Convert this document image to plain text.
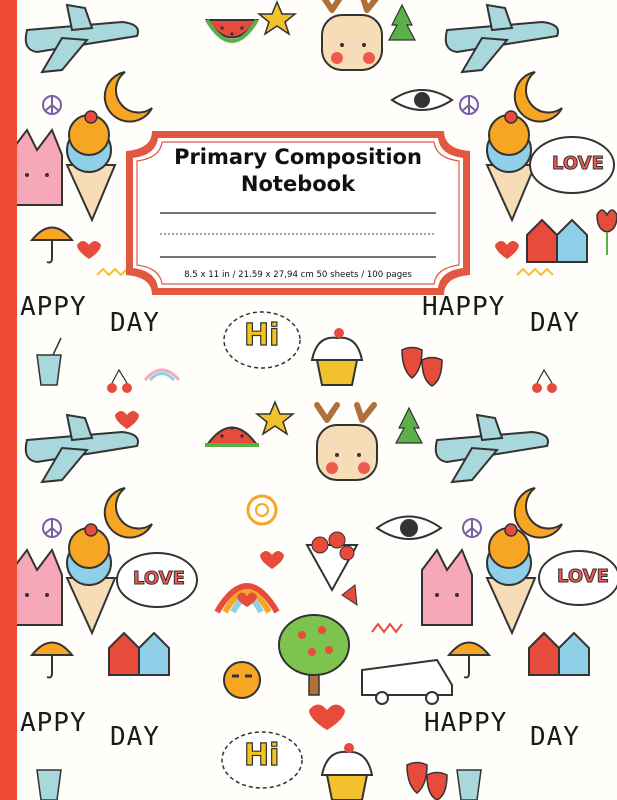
APPY
DAY
HAPPY
DAY
APPY DAY	HAPPY DAY
Hi
Hi
LOVE
LOVE	LOVE
Primary Composition
Notebook
8.5 x 11 in / 21.59 x 27,94 cm 50 sheets / 100 pages
